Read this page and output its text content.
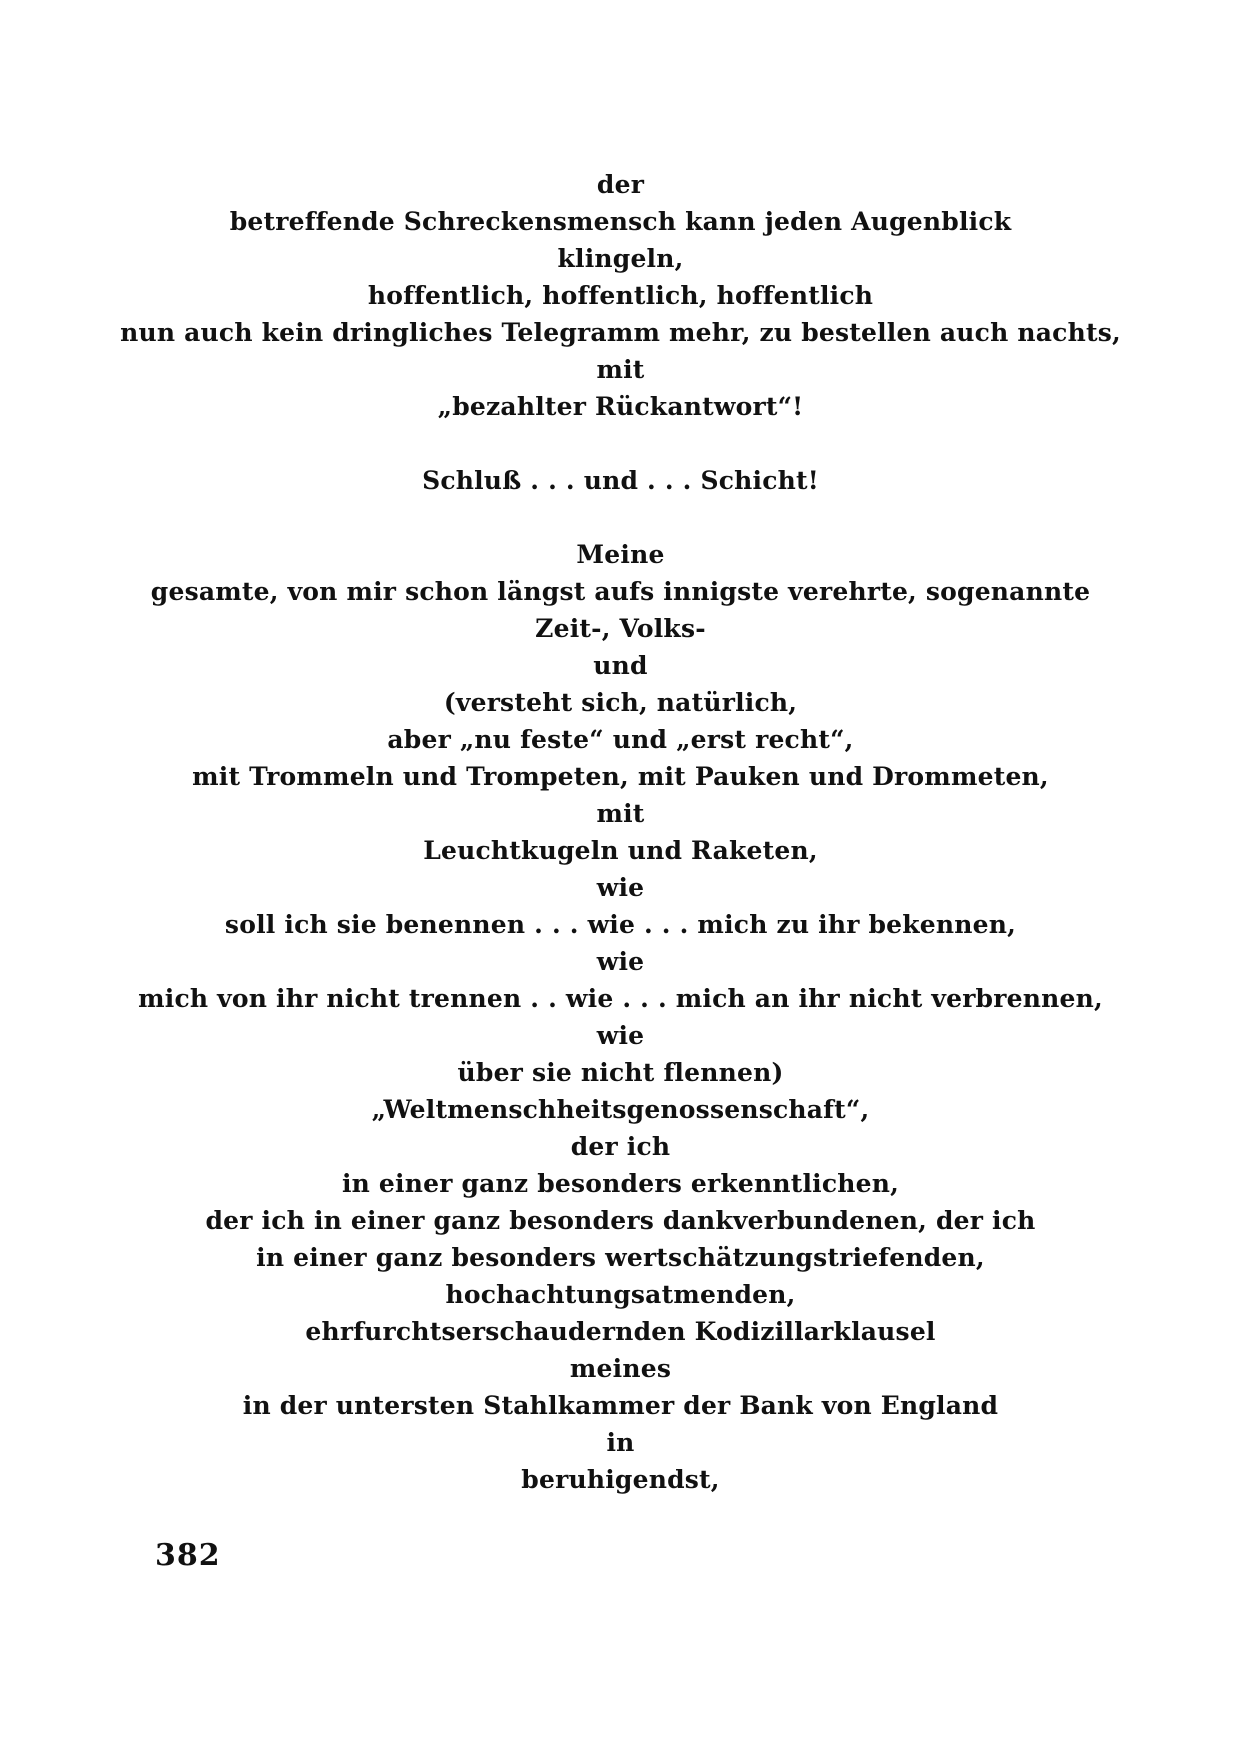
der
betreffende Schreckensmensch kann jeden Augenblick
klingeln,
hoffentlich, hoffentlich, hoffentlich
nun auch kein dringliches Telegramm mehr, zu bestellen auch nachts,
mit
„bezahlter Rückantwort“!
Schluß . . . und . . . Schicht!
Meine
gesamte, von mir schon längst aufs innigste verehrte, sogenannte
Zeit-, Volks-
und
(versteht sich, natürlich,
aber „nu feste“ und „erst recht“,
mit Trommeln und Trompeten, mit Pauken und Drommeten,
mit
Leuchtkugeln und Raketen,
wie
soll ich sie benennen . . . wie . . . mich zu ihr bekennen,
wie
mich von ihr nicht trennen . . wie . . . mich an ihr nicht verbrennen,
wie
über sie nicht flennen)
„Weltmenschheitsgenossenschaft“,
der ich
in einer ganz besonders erkenntlichen,
der ich in einer ganz besonders dankverbundenen, der ich
in einer ganz besonders wertschätzungstriefenden,
hochachtungsatmenden,
ehrfurchtserschaudernden Kodizillarklausel
meines
in der untersten Stahlkammer der Bank von England
in
beruhigendst,
382
